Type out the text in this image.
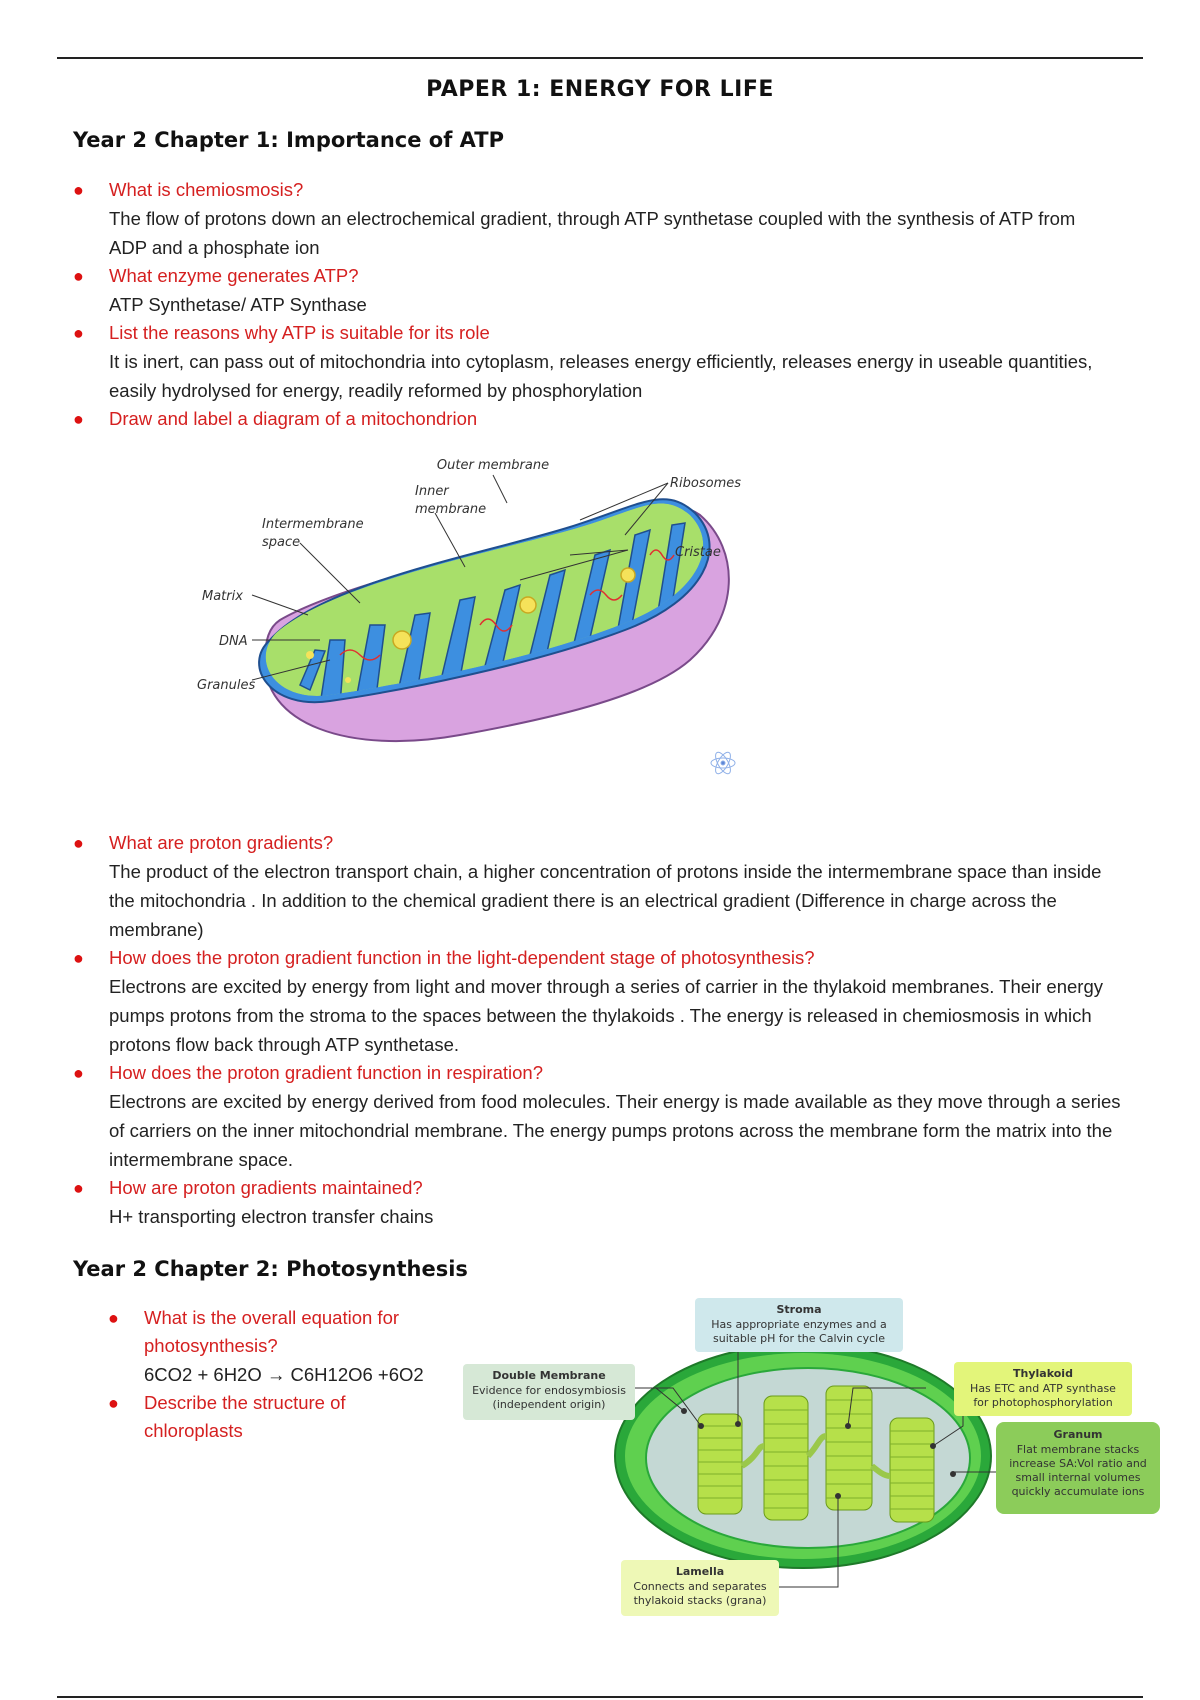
PAPER 1: ENERGY FOR LIFE
Year 2 Chapter 1: Importance of ATP
● What is chemiosmosis?
The flow of protons down an electrochemical gradient, through ATP synthetase coupled with the synthesis of ATP from ADP and a phosphate ion
● What enzyme generates ATP?
ATP Synthetase/ ATP Synthase
● List the reasons why ATP is suitable for its role
It is inert, can pass out of mitochondria into cytoplasm, releases energy efficiently, releases energy in useable quantities, easily hydrolysed for energy, readily reformed by phosphorylation
● Draw and label a diagram of a mitochondrion
Outer membrane
Inner
membrane
Intermembrane
space
Ribosomes
Cristae
Matrix
DNA
Granules
● What are proton gradients?
The product of the electron transport chain, a higher concentration of protons inside the intermembrane space than inside the mitochondria . In addition to the chemical gradient there is an electrical gradient (Difference in charge across the membrane)
● How does the proton gradient function in the light-dependent stage of photosynthesis?
Electrons are excited by energy from light and mover through a series of carrier in the thylakoid membranes. Their energy pumps protons from the stroma to the spaces between the thylakoids . The energy is released in chemiosmosis in which protons flow back through ATP synthetase.
● How does the proton gradient function in respiration?
Electrons are excited by energy derived from food molecules. Their energy is made available as they move through a series of carriers on the inner mitochondrial membrane. The energy pumps protons across the membrane form the matrix into the intermembrane space.
● How are proton gradients maintained?
H+ transporting electron transfer chains
Year 2 Chapter 2: Photosynthesis
● What is the overall equation for photosynthesis?
6CO2 + 6H2O → C6H12O6 +6O2
● Describe the structure of chloroplasts
Stroma
Has appropriate enzymes and a
suitable pH for the Calvin cycle
Double Membrane
Evidence for endosymbiosis
(independent origin)
Thylakoid
Has ETC and ATP synthase
for photophosphorylation
Granum
Flat membrane stacks
increase SA:Vol ratio and
small internal volumes
quickly accumulate ions
Lamella
Connects and separates
thylakoid stacks (grana)
